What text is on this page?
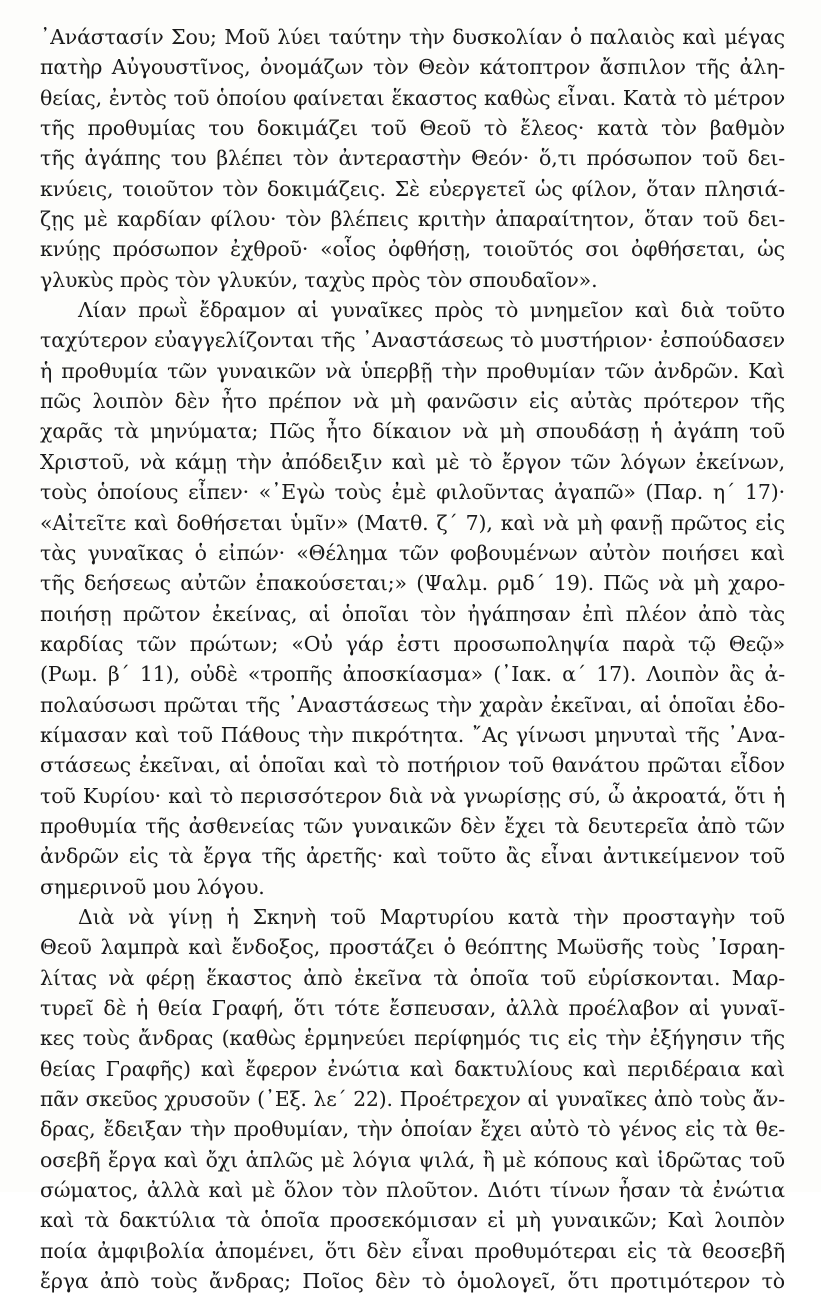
᾿Ανάστασίν Σου; Μοῦ λύει ταύτην τὴν δυσκολίαν ὁ παλαιὸς καὶ μέγας
πατὴρ Αὐγουστῖνος, ὀνομάζων τὸν Θεὸν κάτοπτρον ἄσπιλον τῆς ἀλη-
θείας, ἐντὸς τοῦ ὁποίου φαίνεται ἕκαστος καθὼς εἶναι. Κατὰ τὸ μέτρον
τῆς προθυμίας του δοκιμάζει τοῦ Θεοῦ τὸ ἔλεος· κατὰ τὸν βαθμὸν
τῆς ἀγάπης του βλέπει τὸν ἀντεραστὴν Θεόν· ὅ,τι πρόσωπον τοῦ δει-
κνύεις, τοιοῦτον τὸν δοκιμάζεις. Σὲ εὐεργετεῖ ὡς φίλον, ὅταν πλησιά-
ζῃς μὲ καρδίαν φίλου· τὸν βλέπεις κριτὴν ἀπαραίτητον, ὅταν τοῦ δει-
κνύῃς πρόσωπον ἐχθροῦ· «οἷος ὀφθήσῃ, τοιοῦτός σοι ὀφθήσεται, ὡς
γλυκὺς πρὸς τὸν γλυκύν, ταχὺς πρὸς τὸν σπουδαῖον».
Λίαν πρωῒ ἔδραμον αἱ γυναῖκες πρὸς τὸ μνημεῖον καὶ διὰ τοῦτο
ταχύτερον εὐαγγελίζονται τῆς ᾿Αναστάσεως τὸ μυστήριον· ἐσπούδασεν
ἡ προθυμία τῶν γυναικῶν νὰ ὑπερβῇ τὴν προθυμίαν τῶν ἀνδρῶν. Καὶ
πῶς λοιπὸν δὲν ἦτο πρέπον νὰ μὴ φανῶσιν εἰς αὐτὰς πρότερον τῆς
χαρᾶς τὰ μηνύματα; Πῶς ἦτο δίκαιον νὰ μὴ σπουδάσῃ ἡ ἀγάπη τοῦ
Χριστοῦ, νὰ κάμῃ τὴν ἀπόδειξιν καὶ μὲ τὸ ἔργον τῶν λόγων ἐκείνων,
τοὺς ὁποίους εἶπεν· «᾿Εγὼ τοὺς ἐμὲ φιλοῦντας ἀγαπῶ» (Παρ. η΄ 17)·
«Αἰτεῖτε καὶ δοθήσεται ὑμῖν» (Ματθ. ζ΄ 7), καὶ νὰ μὴ φανῇ πρῶτος εἰς
τὰς γυναῖκας ὁ εἰπών· «Θέλημα τῶν φοβουμένων αὐτὸν ποιήσει καὶ
τῆς δεήσεως αὐτῶν ἐπακούσεται;» (Ψαλμ. ρμδ΄ 19). Πῶς νὰ μὴ χαρο-
ποιήσῃ πρῶτον ἐκείνας, αἱ ὁποῖαι τὸν ἠγάπησαν ἐπὶ πλέον ἀπὸ τὰς
καρδίας τῶν πρώτων; «Οὐ γάρ ἐστι προσωποληψία παρὰ τῷ Θεῷ»
(Ρωμ. β΄ 11), οὐδὲ «τροπῆς ἀποσκίασμα» (᾿Ιακ. α΄ 17). Λοιπὸν ἂς ἀ-
πολαύσωσι πρῶται τῆς ᾿Αναστάσεως τὴν χαρὰν ἐκεῖναι, αἱ ὁποῖαι ἐδο-
κίμασαν καὶ τοῦ Πάθους τὴν πικρότητα. ῎Ας γίνωσι μηνυταὶ τῆς ᾿Ανα-
στάσεως ἐκεῖναι, αἱ ὁποῖαι καὶ τὸ ποτήριον τοῦ θανάτου πρῶται εἶδον
τοῦ Κυρίου· καὶ τὸ περισσότερον διὰ νὰ γνωρίσῃς σύ, ὦ ἀκροατά, ὅτι ἡ
προθυμία τῆς ἀσθενείας τῶν γυναικῶν δὲν ἔχει τὰ δευτερεῖα ἀπὸ τῶν
ἀνδρῶν εἰς τὰ ἔργα τῆς ἀρετῆς· καὶ τοῦτο ἂς εἶναι ἀντικείμενον τοῦ
σημερινοῦ μου λόγου.
Διὰ νὰ γίνῃ ἡ Σκηνὴ τοῦ Μαρτυρίου κατὰ τὴν προσταγὴν τοῦ
Θεοῦ λαμπρὰ καὶ ἔνδοξος, προστάζει ὁ θεόπτης Μωϋσῆς τοὺς ᾿Ισραη-
λίτας νὰ φέρῃ ἕκαστος ἀπὸ ἐκεῖνα τὰ ὁποῖα τοῦ εὑρίσκονται. Μαρ-
τυρεῖ δὲ ἡ θεία Γραφή, ὅτι τότε ἔσπευσαν, ἀλλὰ προέλαβον αἱ γυναῖ-
κες τοὺς ἄνδρας (καθὼς ἑρμηνεύει περίφημός τις εἰς τὴν ἐξήγησιν τῆς
θείας Γραφῆς) καὶ ἔφερον ἐνώτια καὶ δακτυλίους καὶ περιδέραια καὶ
πᾶν σκεῦος χρυσοῦν (᾿Εξ. λε΄ 22). Προέτρεχον αἱ γυναῖκες ἀπὸ τοὺς ἄν-
δρας, ἔδειξαν τὴν προθυμίαν, τὴν ὁποίαν ἔχει αὐτὸ τὸ γένος εἰς τὰ θε-
οσεβῆ ἔργα καὶ ὄχι ἁπλῶς μὲ λόγια ψιλά, ἢ μὲ κόπους καὶ ἱδρῶτας τοῦ
σώματος, ἀλλὰ καὶ μὲ ὅλον τὸν πλοῦτον. Διότι τίνων ἦσαν τὰ ἐνώτια
καὶ τὰ δακτύλια τὰ ὁποῖα προσεκόμισαν εἰ μὴ γυναικῶν; Καὶ λοιπὸν
ποία ἀμφιβολία ἀπομένει, ὅτι δὲν εἶναι προθυμότεραι εἰς τὰ θεοσεβῆ
ἔργα ἀπὸ τοὺς ἄνδρας; Ποῖος δὲν τὸ ὁμολογεῖ, ὅτι προτιμότερον τὸ
